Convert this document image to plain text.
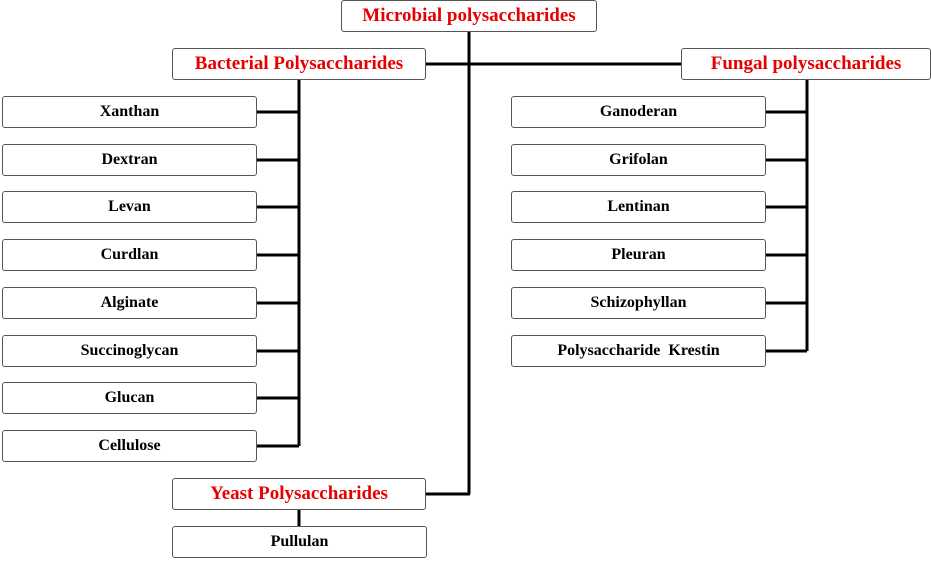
Microbial polysaccharides
Bacterial Polysaccharides	Fungal polysaccharides
Yeast Polysaccharides
Xanthan
Dextran
Levan
Curdlan
Alginate
Succinoglycan
Glucan
Cellulose
Ganoderan
Grifolan
Lentinan
Pleuran
Schizophyllan
Polysaccharide  Krestin
Pullulan
